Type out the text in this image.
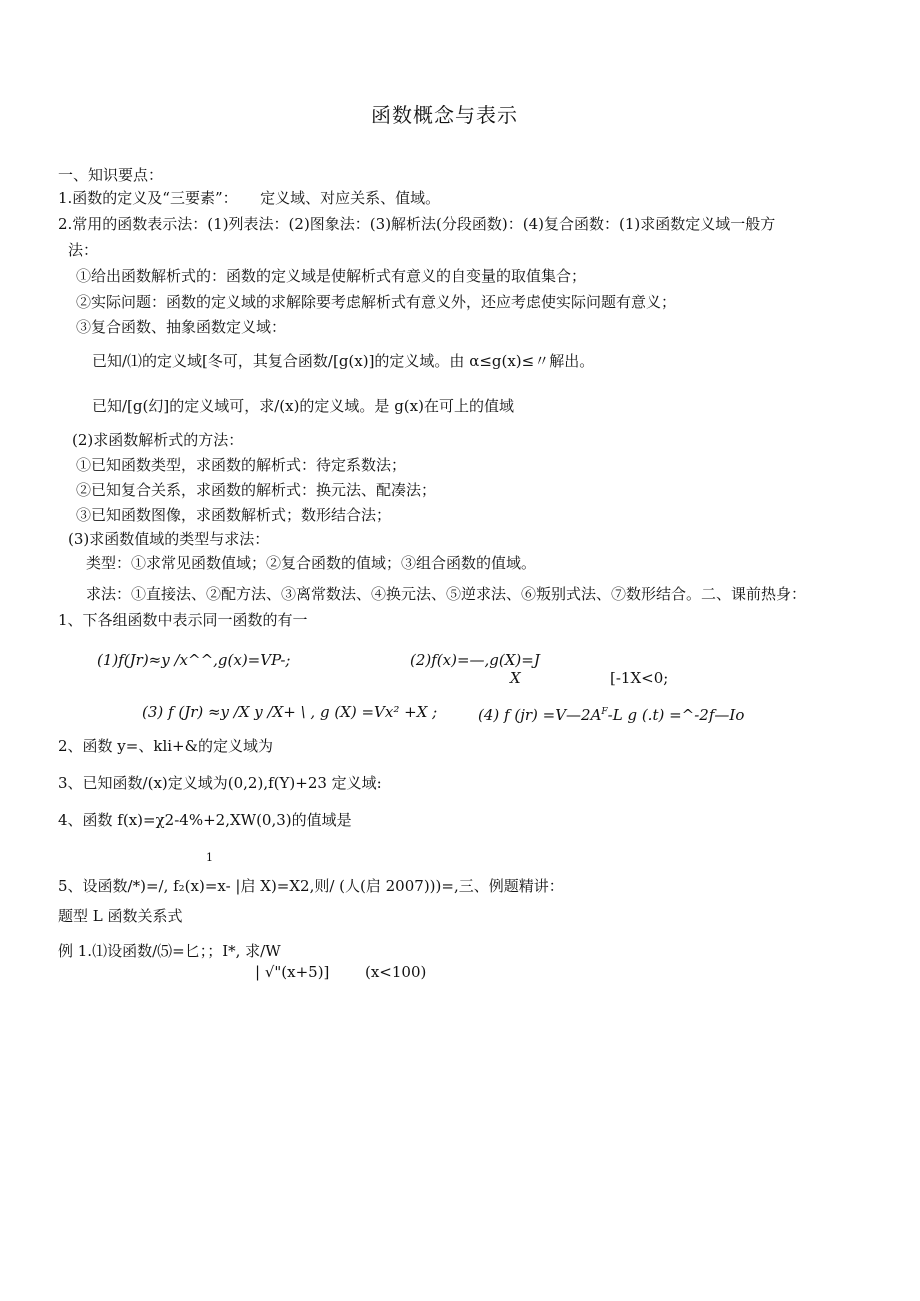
函数概念与表示
一、知识要点：
1.函数的定义及“三要素”：　　定义域、对应关系、值域。
2.常用的函数表示法：(1)列表法：(2)图象法：(3)解析法(分段函数)：(4)复合函数：(1)求函数定义域一般方
法：
①给出函数解析式的：函数的定义域是使解析式有意义的自变量的取值集合；
②实际问题：函数的定义域的求解除要考虑解析式有意义外，还应考虑使实际问题有意义；
③复合函数、抽象函数定义域：
已知/⑴的定义域[冬可，其复合函数/[g(x)]的定义域。由 α≤g(x)≤〃解出。
已知/[g(幻]的定义域可，求/(x)的定义域。是 g(x)在可上的值域
(2)求函数解析式的方法：
①已知函数类型，求函数的解析式：待定系数法；
②已知复合关系，求函数的解析式：换元法、配凑法；
③已知函数图像，求函数解析式；数形结合法；
(3)求函数值域的类型与求法：
类型：①求常见函数值域；②复合函数的值域；③组合函数的值域。
求法：①直接法、②配方法、③离常数法、④换元法、⑤逆求法、⑥叛别式法、⑦数形结合。二、课前热身：
1、下各组函数中表示同一函数的有一
(1)f(Jr)≈y /x^^,g(x)=VP-;	(2)f(x)=—,g(X)=J
X	[-1X<0;
(3) f (Jr) ≈y /X y /X+ \ , g (X) =Vx² +X ;	(4) f $(jr) =V—2A^F-L$ g (.t) =^-2f—Io
2、函数 y=、kli+&的定义域为
3、已知函数/(x)定义域为(0,2),f(Y)+23 定义域:
4、函数 f(x)=χ2-4%+2,XW(0,3)的值域是
1
5、设函数/*)=/, f₂(x)=x- |启 X)=X2,则/ (人(启 2007)))=,三、例题精讲：
题型 L 函数关系式
例 1.⑴设函数/⑸=匕；；I*, 求/W
| √"(x+5)] (x<100)
